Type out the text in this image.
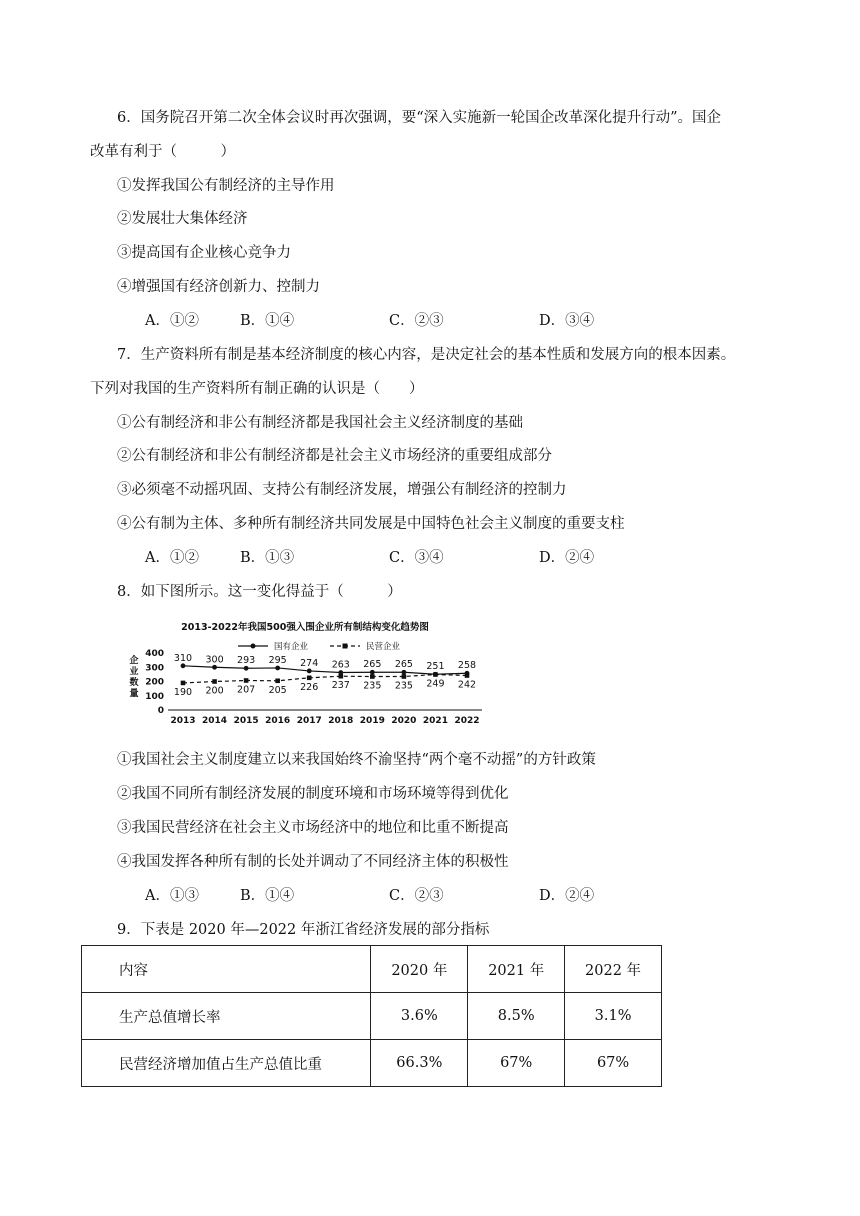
6．国务院召开第二次全体会议时再次强调，要“深入实施新一轮国企改革深化提升行动”。国企
改革有利于（　　　）
①发挥我国公有制经济的主导作用
②发展壮大集体经济
③提高国有企业核心竞争力
④增强国有经济创新力、控制力
A．①②	B．①④	C．②③	D．③④
7．生产资料所有制是基本经济制度的核心内容，是决定社会的基本性质和发展方向的根本因素。
下列对我国的生产资料所有制正确的认识是（　　）
①公有制经济和非公有制经济都是我国社会主义经济制度的基础
②公有制经济和非公有制经济都是社会主义市场经济的重要组成部分
③必须毫不动摇巩固、支持公有制经济发展，增强公有制经济的控制力
④公有制为主体、多种所有制经济共同发展是中国特色社会主义制度的重要支柱
A．①②	B．①③	C．③④	D．②④
8．如下图所示。这一变化得益于（　　　）
2013-2022年我国500强入围企业所有制结构变化趋势图
国有企业	民营企业
企
业
数
量
400
300
200
100
0
2013 2014 2015 2016 2017 2018 2019 2020 2021 2022
310 300 293 295 274 263 265 265 251 258
190 200 207 205 226 237 235 235 249 242
①我国社会主义制度建立以来我国始终不渝坚持“两个毫不动摇”的方针政策
②我国不同所有制经济发展的制度环境和市场环境等得到优化
③我国民营经济在社会主义市场经济中的地位和比重不断提高
④我国发挥各种所有制的长处并调动了不同经济主体的积极性
A．①③	B．①④	C．②③	D．②④
9．下表是 2020 年—2022 年浙江省经济发展的部分指标
内容	2020 年	2021 年	2022 年
生产总值增长率	3.6%	8.5%	3.1%
民营经济增加值占生产总值比重	66.3%	67%	67%
